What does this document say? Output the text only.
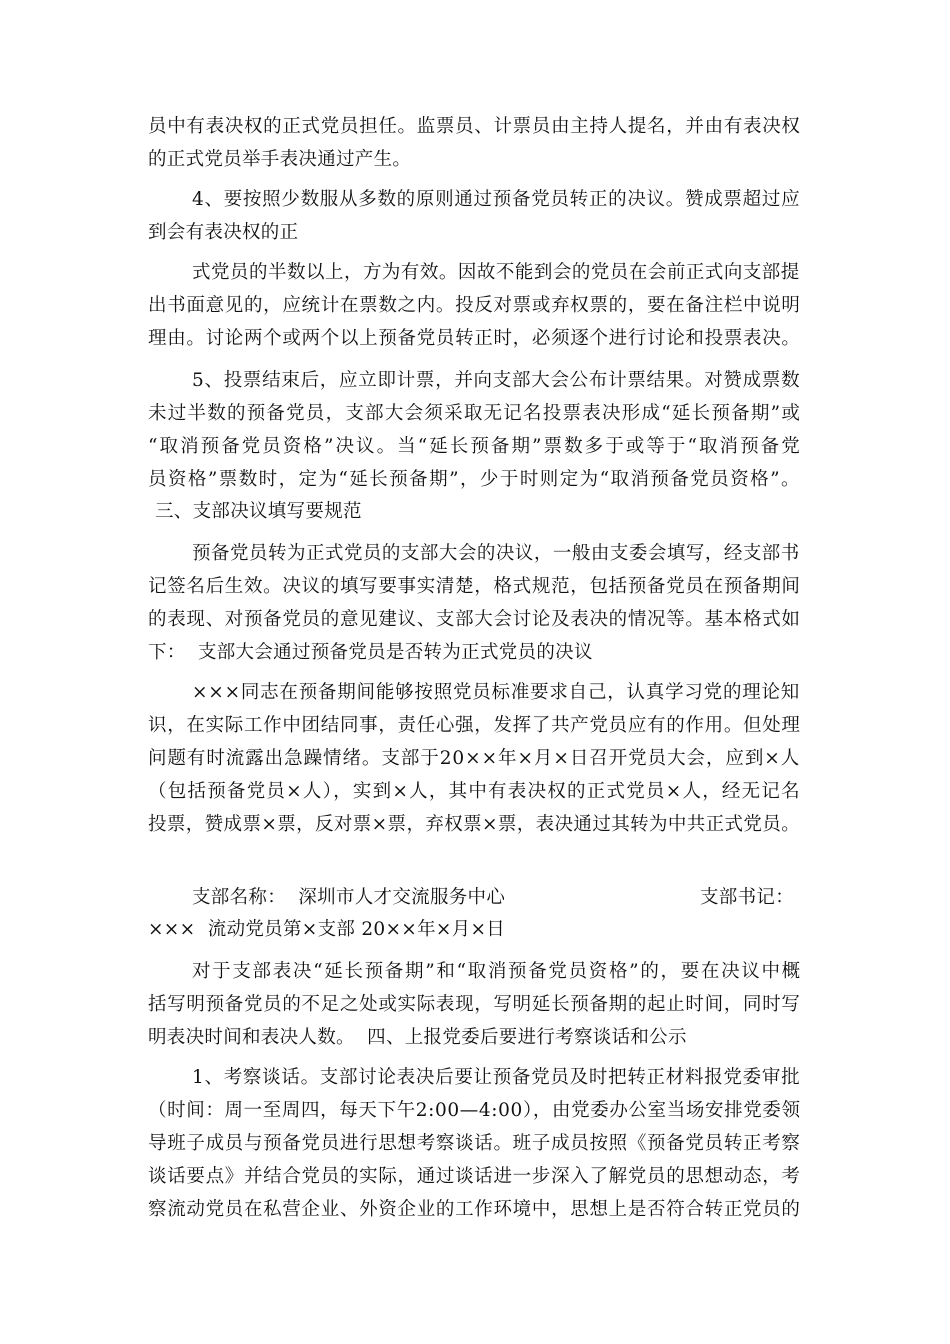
员中有表决权的正式党员担任。监票员、计票员由主持人提名，并由有表决权
的正式党员举手表决通过产生。
4、要按照少数服从多数的原则通过预备党员转正的决议。赞成票超过应
到会有表决权的正
式党员的半数以上，方为有效。因故不能到会的党员在会前正式向支部提
出书面意见的，应统计在票数之内。投反对票或弃权票的，要在备注栏中说明
理由。讨论两个或两个以上预备党员转正时，必须逐个进行讨论和投票表决。
5、投票结束后，应立即计票，并向支部大会公布计票结果。对赞成票数
未过半数的预备党员，支部大会须采取无记名投票表决形成“延长预备期”或
“取消预备党员资格”决议。当“延长预备期”票数多于或等于“取消预备党
员资格”票数时，定为“延长预备期”，少于时则定为“取消预备党员资格”。
三、支部决议填写要规范
预备党员转为正式党员的支部大会的决议，一般由支委会填写，经支部书
记签名后生效。决议的填写要事实清楚，格式规范，包括预备党员在预备期间
的表现、对预备党员的意见建议、支部大会讨论及表决的情况等。基本格式如
下：  支部大会通过预备党员是否转为正式党员的决议
×××同志在预备期间能够按照党员标准要求自己，认真学习党的理论知
识，在实际工作中团结同事，责任心强，发挥了共产党员应有的作用。但处理
问题有时流露出急躁情绪。支部于20××年×月×日召开党员大会，应到×人
（包括预备党员×人），实到×人，其中有表决权的正式党员×人，经无记名
投票，赞成票×票，反对票×票，弃权票×票，表决通过其转为中共正式党员。
支部名称：  深圳市人才交流服务中心	支部书记：
×××  流动党员第×支部 20××年×月×日
对于支部表决“延长预备期”和“取消预备党员资格”的，要在决议中概
括写明预备党员的不足之处或实际表现，写明延长预备期的起止时间，同时写
明表决时间和表决人数。  四、上报党委后要进行考察谈话和公示
1、考察谈话。支部讨论表决后要让预备党员及时把转正材料报党委审批
（时间：周一至周四，每天下午2:00—4:00），由党委办公室当场安排党委领
导班子成员与预备党员进行思想考察谈话。班子成员按照《预备党员转正考察
谈话要点》并结合党员的实际，通过谈话进一步深入了解党员的思想动态，考
察流动党员在私营企业、外资企业的工作环境中，思想上是否符合转正党员的
